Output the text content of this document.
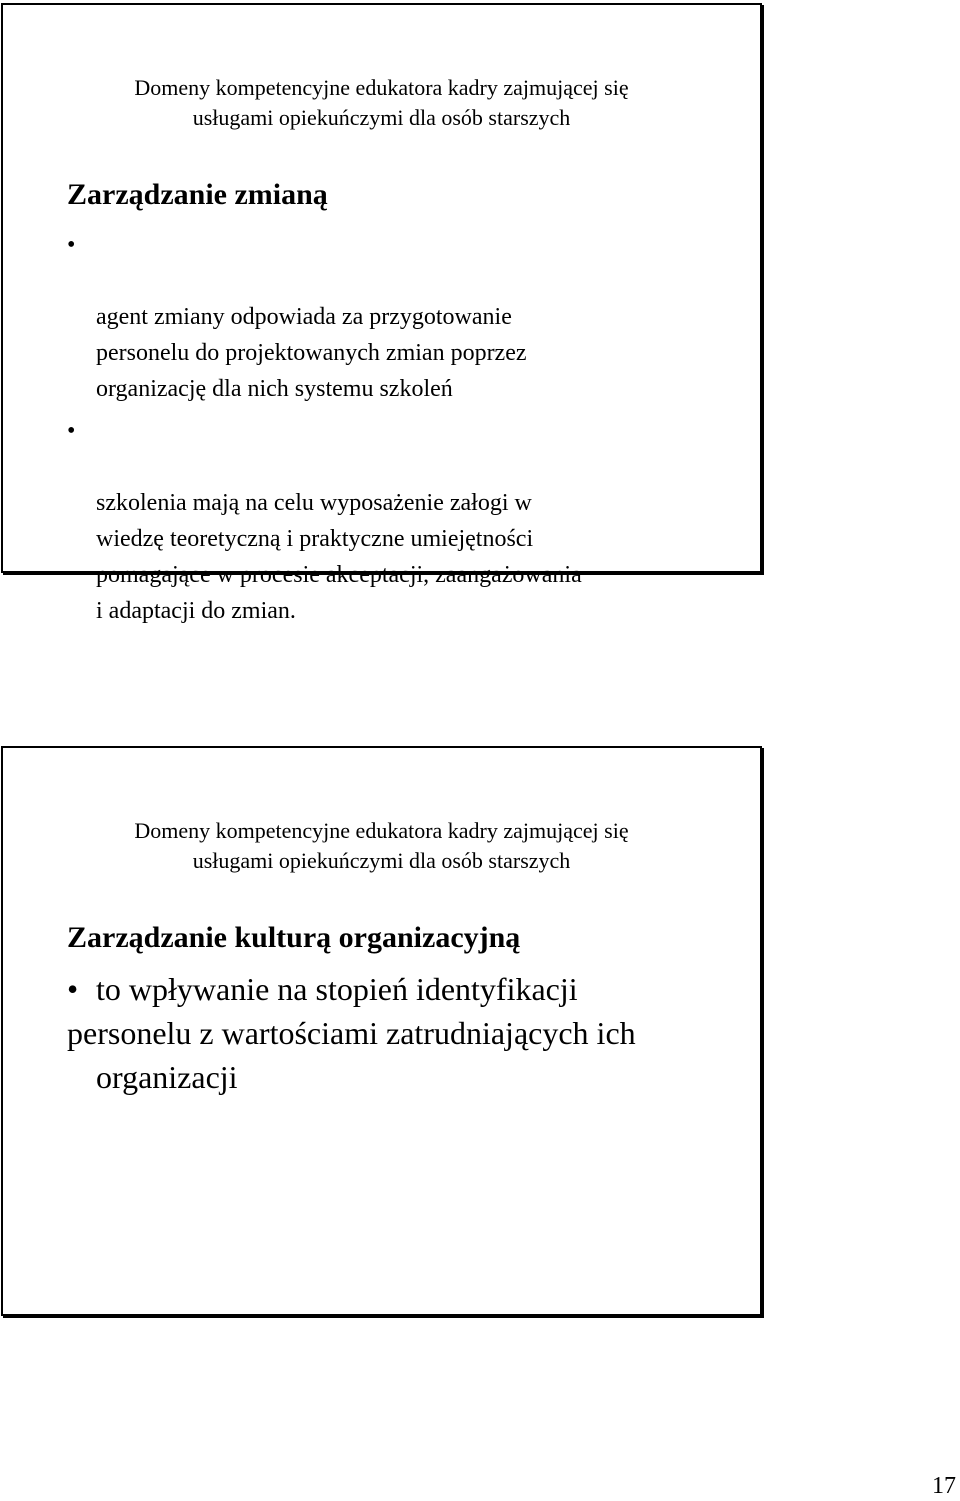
Domeny kompetencyjne edukatora kadry zajmującej się
usługami opiekuńczymi dla osób starszych
Zarządzanie zmianą

•

agent zmiany odpowiada za przygotowanie
personelu do projektowanych zmian poprzez
organizację dla nich systemu szkoleń

•

szkolenia mają na celu wyposażenie załogi w
wiedzę teoretyczną i praktyczne umiejętności
pomagające w procesie akceptacji, zaangażowania
i adaptacji do zmian.

Domeny kompetencyjne edukatora kadry zajmującej się
usługami opiekuńczymi dla osób starszych
Zarządzanie kulturą organizacyjną
• to wpływanie na stopień identyfikacji
personelu z wartościami zatrudniających ich
organizacji
17
